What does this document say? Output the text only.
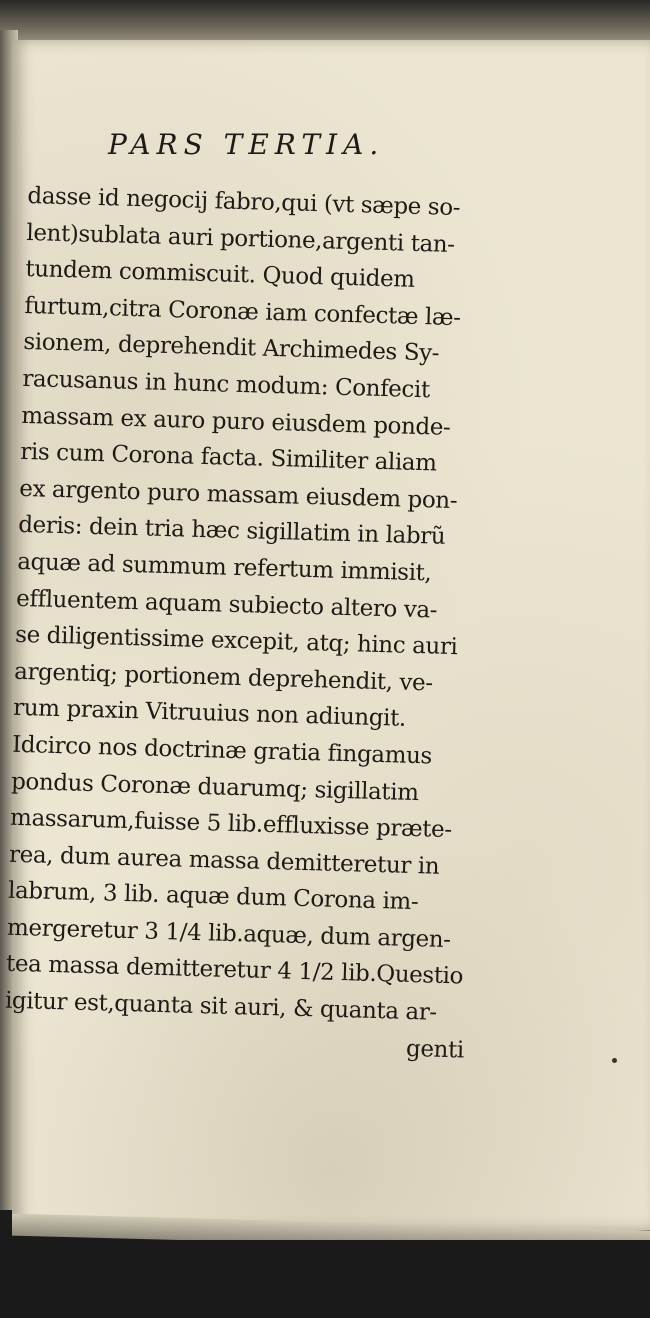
PARS TERTIA.
dasse id negocij fabro,qui (vt sæpe so-
lent)sublata auri portione,argenti tan-
tundem commiscuit. Quod quidem
furtum,citra Coronæ iam confectæ læ-
sionem, deprehendit Archimedes Sy-
racusanus in hunc modum: Confecit
massam ex auro puro eiusdem ponde-
ris cum Corona facta. Similiter aliam
ex argento puro massam eiusdem pon-
deris: dein tria hæc sigillatim in labrũ
aquæ ad summum refertum immisit,
effluentem aquam subiecto altero va-
se diligentissime excepit, atq; hinc auri
argentiq; portionem deprehendit, ve-
rum praxin Vitruuius non adiungit.
Idcirco nos doctrinæ gratia fingamus
pondus Coronæ duarumq; sigillatim
massarum,fuisse 5 lib.effluxisse præte-
rea, dum aurea massa demitteretur in
labrum, 3 lib. aquæ dum Corona im-
mergeretur 3 1/4 lib.aquæ, dum argen-
tea massa demitteretur 4 1/2 lib.Questio
igitur est,quanta sit auri, & quanta ar-
genti
